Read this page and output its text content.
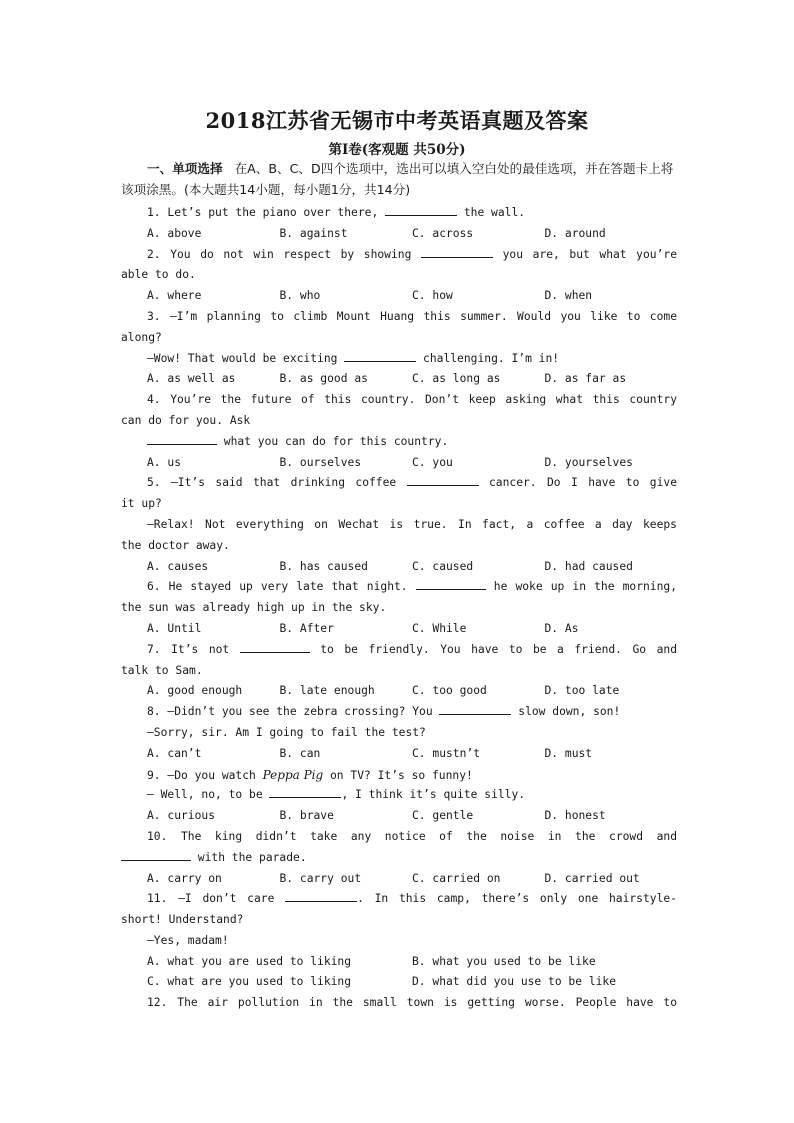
2018江苏省无锡市中考英语真题及答案
第I卷(客观题 共50分)
一、单项选择 在A、B、C、D四个选项中，选出可以填入空白处的最佳选项，并在答题卡上将该项涂黑。(本大题共14小题，每小题1分，共14分)
1. Let’s put the piano over there,	the wall.
A. above	B. against	C. across	D. around
2. You do not win respect by showing	you are, but what you’re
able to do.
A. where	B. who	C. how	D. when
3. —I’m planning to climb Mount Huang this summer. Would you like to come
along?
—Wow! That would be exciting	challenging. I’m in!
A. as well as	B. as good as	C. as long as	D. as far as
4. You’re the future of this country. Don’t keep asking what this country
can do for you. Ask
what you can do for this country.
A. us	B. ourselves	C. you	D. yourselves
5. —It’s said that drinking coffee	cancer. Do I have to give
it up?
—Relax! Not everything on Wechat is true. In fact, a coffee a day keeps
the doctor away.
A. causes	B. has caused	C. caused	D. had caused
6. He stayed up very late that night.	he woke up in the morning,
the sun was already high up in the sky.
A. Until	B. After	C. While	D. As
7. It’s not	to be friendly. You have to be a friend. Go and
talk to Sam.
A. good enough	B. late enough	C. too good	D. too late
8. —Didn’t you see the zebra crossing? You	slow down, son!
—Sorry, sir. Am I going to fail the test?
A. can’t	B. can	C. mustn’t	D. must
9. —Do you watch Peppa Pig on TV? It’s so funny!
— Well, no, to be	, I think it’s quite silly.
A. curious	B. brave	C. gentle	D. honest
10. The king didn’t take any notice of the noise in the crowd and
with the parade.
A. carry on	B. carry out	C. carried on	D. carried out
11. —I don’t care	. In this camp, there’s only one hairstyle-
short! Understand?
—Yes, madam!
A. what you are used to liking	B. what you used to be like
C. what are you used to liking	D. what did you use to be like
12. The air pollution in the small town is getting worse. People have to
